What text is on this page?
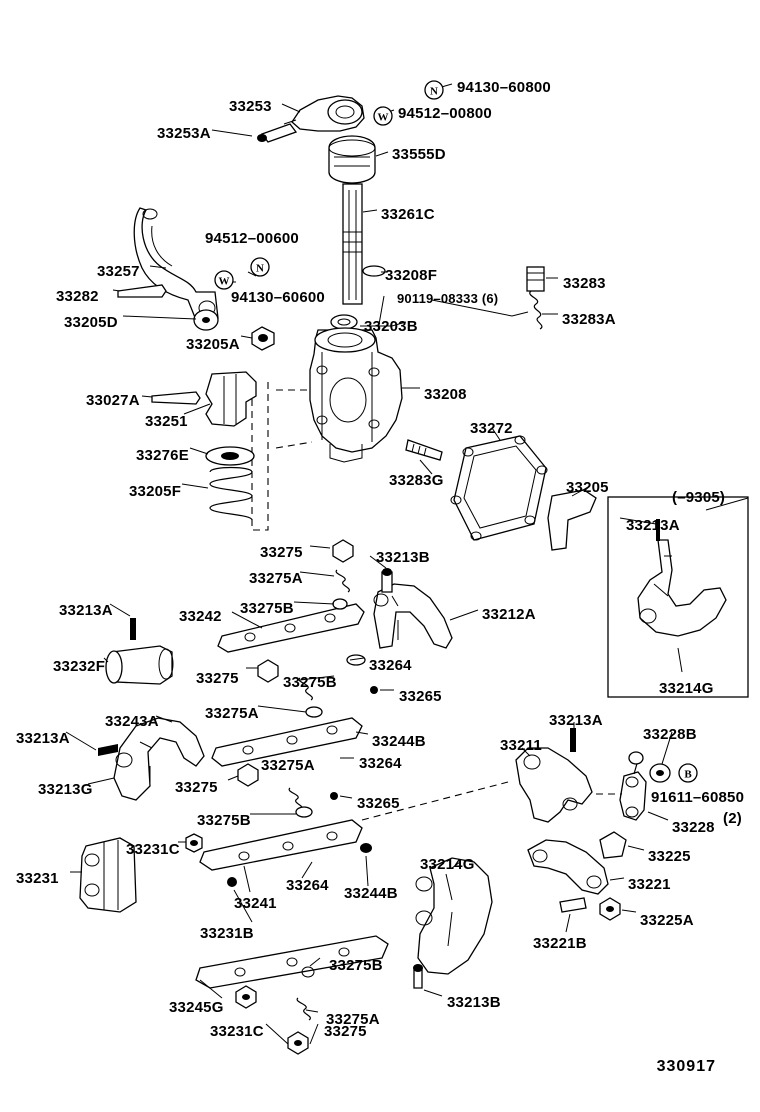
33253
94130–60800
94512–00800
33253A
33555D
33261C
94512–00600
33257	33208F	33283
33282	94130–60600	90119–08333 (6)
33205D	33283A
33203B
33205A
33208
33027A
33251	33272
33276E
33205F
33283G	33205
(–9305)
33213A
33275	33213B
33275A
33213A	33242 33275B	33212A
33232F
33275
33264
33275B
33265	33214G
33275A
33243A	33213A
33228B
33213A	33211
33244B
33264
33275A
91611–60850
33213G	33275
33228
(2)
33265
33275B
33225
33231C
33214G
33221
33231	33264 33244B
33241
33225A
33231B
33221B
33275B
33245G
33275A
33213B
33231C	33275
N
W
W
N
B
330917
